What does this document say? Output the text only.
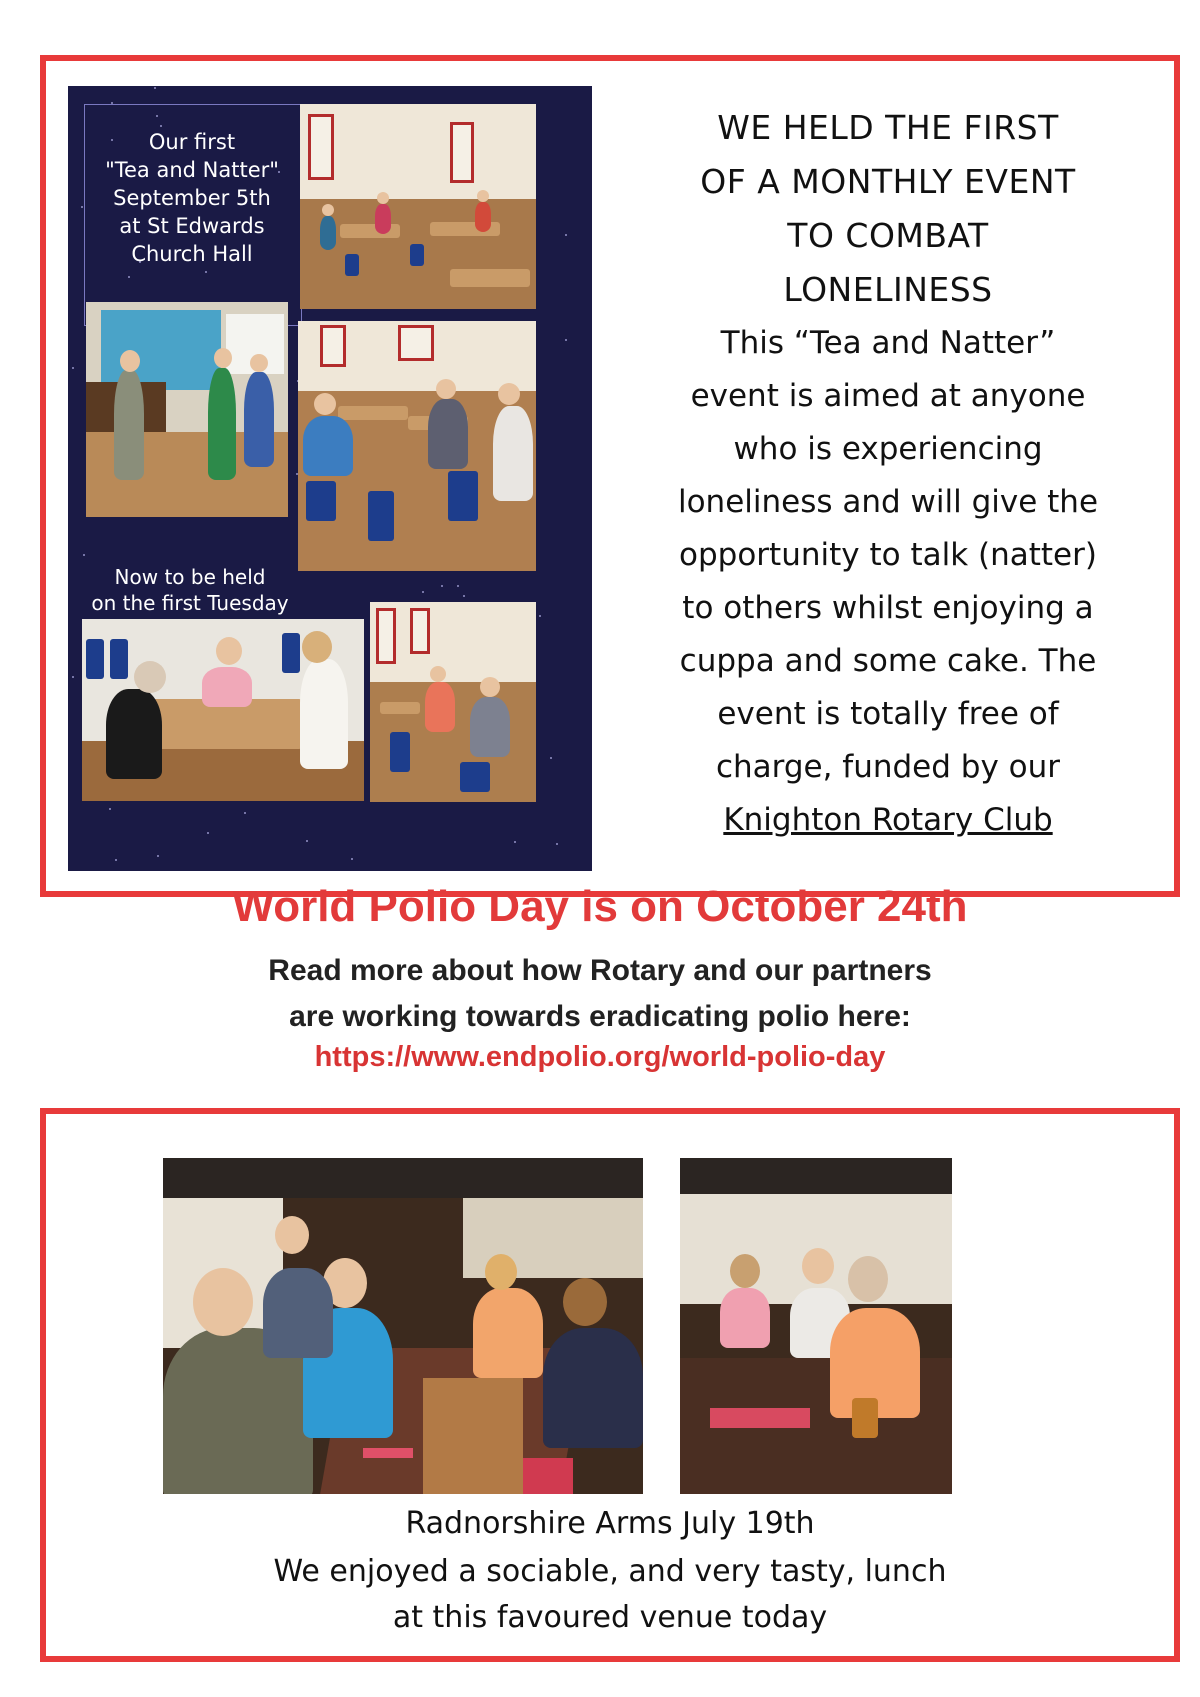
Our first
"Tea and Natter"
September 5th
at St Edwards
Church Hall
Now to be held
on the first Tuesday
WE HELD THE FIRST
OF A MONTHLY EVENT
TO COMBAT
LONELINESS
This “Tea and Natter”
event is aimed at anyone
who is experiencing
loneliness and will give the
opportunity to talk (natter)
to others whilst enjoying a
cuppa and some cake. The
event is totally free of
charge, funded by our
Knighton Rotary Club
World Polio Day is on October 24th
Read more about how Rotary and our partners
are working towards eradicating polio here:
https://www.endpolio.org/world-polio-day
Radnorshire Arms July 19th
We enjoyed a sociable, and very tasty, lunch
at this favoured venue today
